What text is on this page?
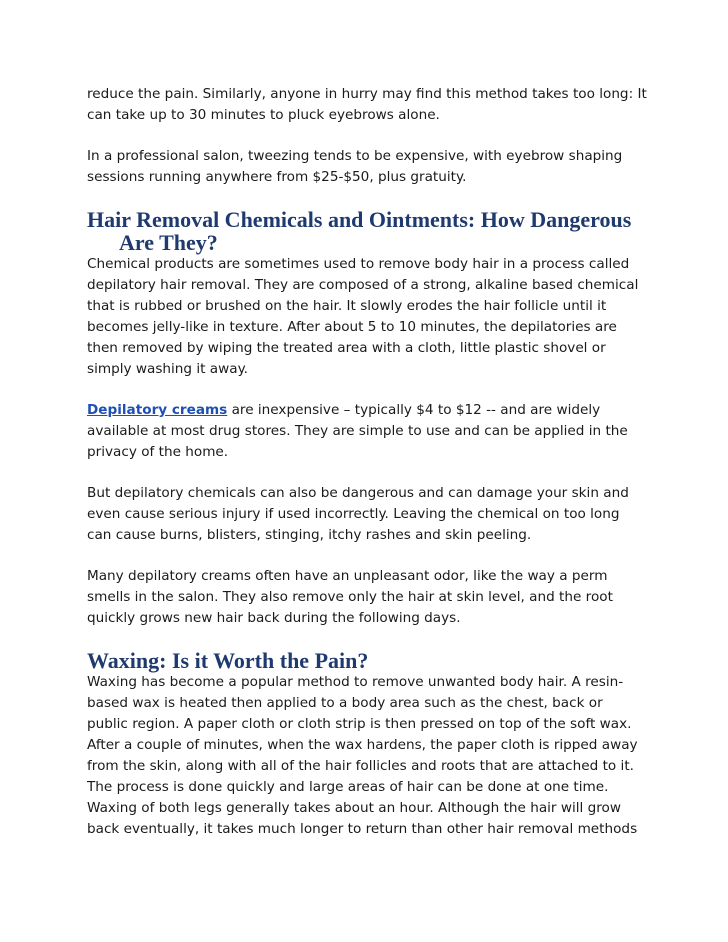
reduce the pain. Similarly, anyone in hurry may find this method takes too long: It can take up to 30 minutes to pluck eyebrows alone.

In a professional salon, tweezing tends to be expensive, with eyebrow shaping sessions running anywhere from $25-$50, plus gratuity.

Hair Removal Chemicals and Ointments: How Dangerous Are They?

Chemical products are sometimes used to remove body hair in a process called depilatory hair removal. They are composed of a strong, alkaline based chemical that is rubbed or brushed on the hair. It slowly erodes the hair follicle until it becomes jelly-like in texture. After about 5 to 10 minutes, the depilatories are then removed by wiping the treated area with a cloth, little plastic shovel or simply washing it away.

Depilatory creams are inexpensive – typically $4 to $12 -- and are widely available at most drug stores. They are simple to use and can be applied in the privacy of the home.

But depilatory chemicals can also be dangerous and can damage your skin and even cause serious injury if used incorrectly. Leaving the chemical on too long can cause burns, blisters, stinging, itchy rashes and skin peeling.

Many depilatory creams often have an unpleasant odor, like the way a perm smells in the salon. They also remove only the hair at skin level, and the root quickly grows new hair back during the following days.

Waxing: Is it Worth the Pain?

Waxing has become a popular method to remove unwanted body hair. A resin-based wax is heated then applied to a body area such as the chest, back or public region. A paper cloth or cloth strip is then pressed on top of the soft wax. After a couple of minutes, when the wax hardens, the paper cloth is ripped away from the skin, along with all of the hair follicles and roots that are attached to it.

The process is done quickly and large areas of hair can be done at one time. Waxing of both legs generally takes about an hour. Although the hair will grow back eventually, it takes much longer to return than other hair removal methods
